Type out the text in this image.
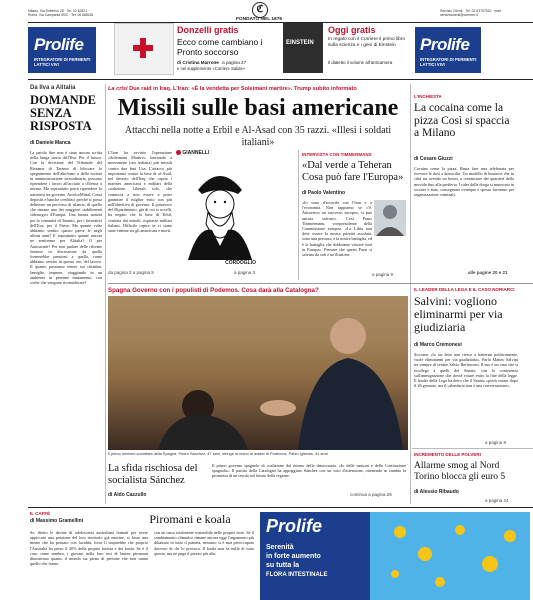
Milano, Via Solferino 28 · Tel. 02 62821 · Roma, Via Campania 59/C · Tel. 06 688281	ℭ
FONDATO NEL 1876
Servizio Clienti · Tel. 02 63797510 · mail: servizioclienti@corriere.it
Prolife
INTEGRATORI DI FERMENTI LATTICI VIVI
Donzelli gratis
Ecco come cambiano i Pronto soccorso
di Cristina Marrone a pagina 27
e nel supplemento «Corriere Salute»
EINSTEIN
Oggi gratis
In regalo con il Corriere il primo libro sulla scienza e i geni di Einstein
Il dialetto il volume all'anticamera
Prolife
INTEGRATORI DI FERMENTI LATTICI VIVI
Da Ilva a Alitalia
DOMANDE SENZA RISPOSTA
di Daniele Manca
La parola fine non è stata ancora scritta nella lunga storia dell'Ilva. Per il futuro. Con la decisione del Tribunale del Riesame di Taranto di bloccare lo spegnimento dell'altoforno a della società in amministrazione straordinaria, possono riprendere i lavori all'acciaio a d'ilenca a norma. Ma soprattutto potrà riprendere la trattativa tra governo, ArcelorMittal, Cassa depositi e banche creditrici perché si possa delineare un percorso di rilancio di quello che rimane uno dei maggiori stabilimenti siderurgici d'Europa. Una buona notizia per la comunità di Taranto, per i lavoratori dell'Ilva, per il Paese. Ma quante volte abbiamo sentito questo paese le negli ultimi anni? E soprattutto quante ancora ne sentiremo per Alitalia? O per Autostrade? Per non parlare delle riforme rimesse in discussione da quella formerebbe pensioni a quella, come abbiamo sentito in questo ore, del lavoro. Il quanto possiamo tenere sui cittadini, famiglie, imprese, viaggiando in un ambiente in perenne mutamento, con scelte che vengono riconsiderate?
La crisi Due raid in Iraq. L'Iran: «È la vendetta per Soleimani martire». Trump subito informato
Missili sulle basi americane
Attacchi nella notte a Erbil e Al-Asad con 35 razzi. «Illesi i soldati italiani»
L'Iran ha avviato l'operazione «Soleimani Martire» lanciando a mezzanotte (ora italiana) più missili contro due basi Usa. L'attacco più importante contro la base di al-Asad, nel deserto dell'Iraq che ospita i marines americani e militari della coalizione. Liberali solo, che comincia a non essere a poter garantire il miglior esito con più nell'obiettivo di governo. Il portavoce del Dipartimento, già di cui si uccelli, ha negato che la base di Erbil, centrata dai missili, ospitasse militari italiani. Difficile capire se ci siano state vittime tra gli americani e morti.
da pagina 2 a pagina 9
GIANNELLI
CORDOGLIO
a pagina 3
INTERVISTA CON TIMMERMANS
«Dal verde a Teheran Cosa può fare l'Europa»
di Paolo Valentino
«Io sono d'accordo con l'Iran e a l'economia. Non sappiamo se c'è. Attraverso un successo europeo, si può ancora salvare». Così Frans Timmermans, vicepresidente della Commissione europea. «La Libia non deve essere la nostra priorità assoluta, sono una persona, è la nostra battaglia, ed è la battaglia che dobbiamo vincere tutti in Europa». Pensare che questi Paesi si salvino da soli è un'illusione.
a pagina 9
L'INCHIESTA
La cocaina come la pizza Così si spaccia a Milano
di Cesare Giuzzi
Cocaina come la pizza. Basta fare una telefonata per ricevere le dosi a domicilio. Un modello di business che in città sta avendo un boom, a cominciare dai quartieri della movida fino alla periferia. I rider della droga si muovono in scooter e auto, consegnano ovunque e spesso lavorano per organizzazioni criminali.
alle pagine 20 e 21
Spagna Governo con i populisti di Podemos. Cosa darà alla Catalogna?
Il primo ministro socialista della Spagna, Pedro Sánchez, 47 anni, stringe la mano al leader di Podemos, Pablo Iglesias, 41 anni
La sfida rischiosa del socialista Sánchez
di Aldo Cazzullo
Il primo governo spagnolo di coalizione dal ritorno della democrazia. «Io delle nazioni e della Costituzione spagnola». Il partito della Catalogna ha appoggiato Sánchez con un voto d'astensione, ottenendo in cambio la promessa di un tavolo sul futuro della regione.
continua a pagina 28
IL LEADER DELLA LEGA E IL CASO NORIARCI
Salvini: vogliono eliminarmi per via giudiziaria
di Marco Cremonesi
Siccome «lo sia letto non riesco a battermi politicamente, vuole eliminarmi per via giudiziaria». Parla Matteo Salvini tra sempre di sentire Silvio Berlusconi. Il suo è un caso che si ricollega a quelli del Senato, con la conferenza sull'immigrazione che dovrà votare entro la fine della legge. Il leader della Lega ha detto che il Senato «potrà votare dopo il 26 gennaio, ma il calendario non è una conversazione».
a pagina 8
INCREMENTO DELLE POLVERI
Allarme smog al Nord Torino blocca gli euro 5
di Alessio Ribaudo
a pagina 24
IL CAFFÈ
di Massimo Gramellini	Piromani e koala
Se, dietro le decine di adolescenti australiani fermati per avere appiccato una porzione del loro territorio già enorme, ci fosse una mente che ha pensato con lucidità, forse li stupirebbe che proprio l'Australia ha perso il 20% della propria foresta e dei koala. Se è il caso come sembra, i giovani nella loro tesi di laurea piromani dimostrano quanto il mondo sia pieno di persone che non sanno quello che fanno.
con un tasso totalmente sostenibile nelle proprie terre. Se il cambiamento climatico rimane ancora oggi l'argomento più dibattuto in tutto il pianeta, nessuno si è mai preoccupato davvero di chi lo provoca. Il koala non sa nulla di tutto questo, ma ne paga il prezzo più alto.
Prolife
Serenità
in forte aumento
su tutta la
FLORA INTESTINALE
